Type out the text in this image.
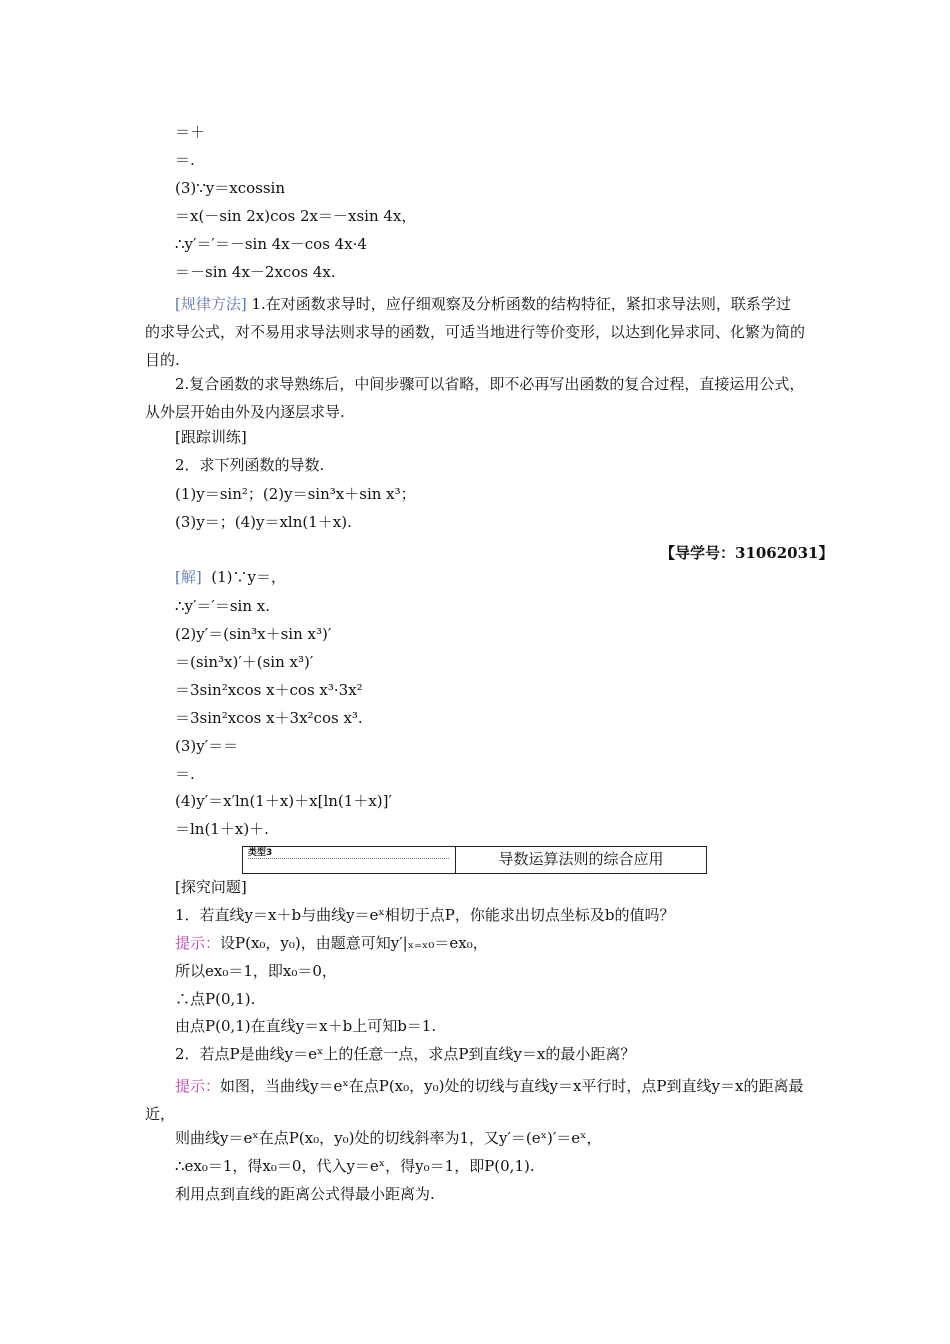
＝＋
＝.
(3)∵y＝xcossin
＝x(－sin 2x)cos 2x＝－xsin 4x，
∴y′＝′＝－sin 4x－cos 4x·4
＝－sin 4x－2xcos 4x.
[规律方法] 1.在对函数求导时，应仔细观察及分析函数的结构特征，紧扣求导法则，联系学过的求导公式，对不易用求导法则求导的函数，可适当地进行等价变形，以达到化异求同、化繁为简的目的.
2.复合函数的求导熟练后，中间步骤可以省略，即不必再写出函数的复合过程，直接运用公式，从外层开始由外及内逐层求导.
[跟踪训练]
2．求下列函数的导数.
(1)y＝sin²；(2)y＝sin³x＋sin x³；
(3)y＝；(4)y＝xln(1＋x).
【导学号：31062031】
[解] (1)∵y＝，
∴y′＝′＝sin x.
(2)y′＝(sin³x＋sin x³)′
＝(sin³x)′＋(sin x³)′
＝3sin²xcos x＋cos x³·3x²
＝3sin²xcos x＋3x²cos x³.
(3)y′＝＝
＝.
(4)y′＝x′ln(1＋x)＋x[ln(1＋x)]′
＝ln(1＋x)＋.
类型3	导数运算法则的综合应用
[探究问题]
1．若直线y＝x＋b与曲线y＝eˣ相切于点P，你能求出切点坐标及b的值吗？
提示：设P(x₀，y₀)，由题意可知y′|ₓ₌ₓ₀＝ex₀，
所以ex₀＝1，即x₀＝0，
∴点P(0,1).
由点P(0,1)在直线y＝x＋b上可知b＝1.
2．若点P是曲线y＝eˣ上的任意一点，求点P到直线y＝x的最小距离？
提示：如图，当曲线y＝eˣ在点P(x₀，y₀)处的切线与直线y＝x平行时，点P到直线y＝x的距离最近，
则曲线y＝eˣ在点P(x₀，y₀)处的切线斜率为1，又y′＝(eˣ)′＝eˣ，
∴ex₀＝1，得x₀＝0，代入y＝eˣ，得y₀＝1，即P(0,1).
利用点到直线的距离公式得最小距离为.
